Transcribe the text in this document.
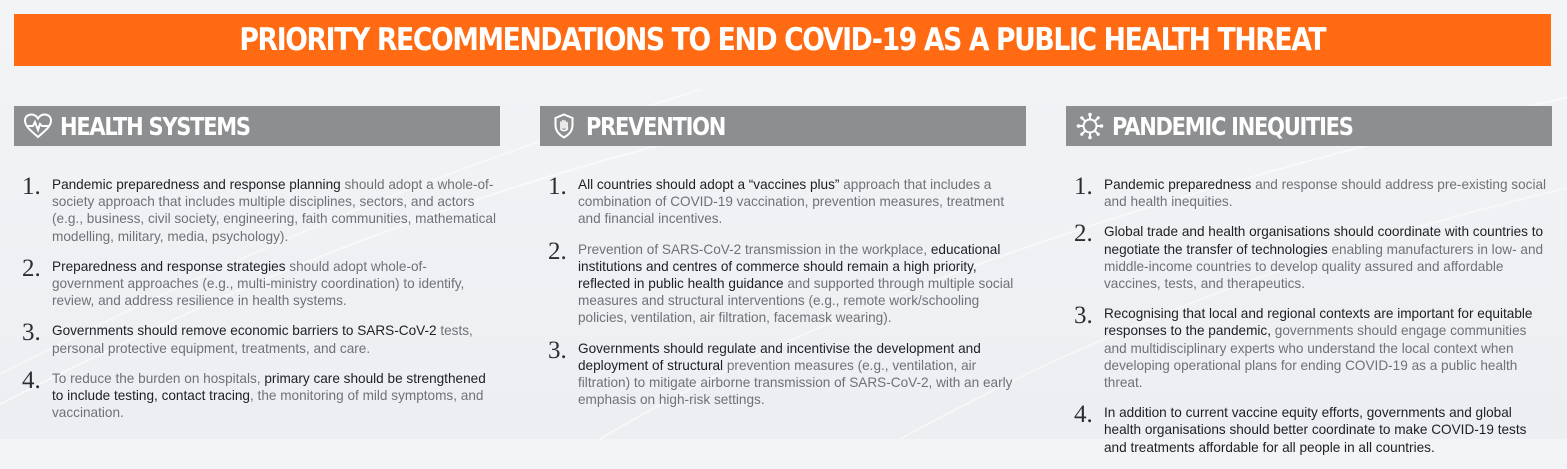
PRIORITY RECOMMENDATIONS TO END COVID-19 AS A PUBLIC HEALTH THREAT
HEALTH SYSTEMS
1. Pandemic preparedness and response planning should adopt a whole-of-society approach that includes multiple disciplines, sectors, and actors (e.g., business, civil society, engineering, faith communities, mathematical modelling, military, media, psychology).
2. Preparedness and response strategies should adopt whole-of-government approaches (e.g., multi-ministry coordination) to identify, review, and address resilience in health systems.
3. Governments should remove economic barriers to SARS-CoV-2 tests, personal protective equipment, treatments, and care.
4. To reduce the burden on hospitals, primary care should be strengthened to include testing, contact tracing, the monitoring of mild symptoms, and vaccination.
PREVENTION
1. All countries should adopt a “vaccines plus” approach that includes a combination of COVID-19 vaccination, prevention measures, treatment and financial incentives.
2. Prevention of SARS-CoV-2 transmission in the workplace, educational institutions and centres of commerce should remain a high priority, reflected in public health guidance and supported through multiple social measures and structural interventions (e.g., remote work/schooling policies, ventilation, air filtration, facemask wearing).
3. Governments should regulate and incentivise the development and deployment of structural prevention measures (e.g., ventilation, air filtration) to mitigate airborne transmission of SARS-CoV-2, with an early emphasis on high-risk settings.
PANDEMIC INEQUITIES
1. Pandemic preparedness and response should address pre-existing social and health inequities.
2. Global trade and health organisations should coordinate with countries to negotiate the transfer of technologies enabling manufacturers in low- and middle-income countries to develop quality assured and affordable vaccines, tests, and therapeutics.
3. Recognising that local and regional contexts are important for equitable responses to the pandemic, governments should engage communities and multidisciplinary experts who understand the local context when developing operational plans for ending COVID-19 as a public health threat.
4. In addition to current vaccine equity efforts, governments and global health organisations should better coordinate to make COVID-19 tests and treatments affordable for all people in all countries.
